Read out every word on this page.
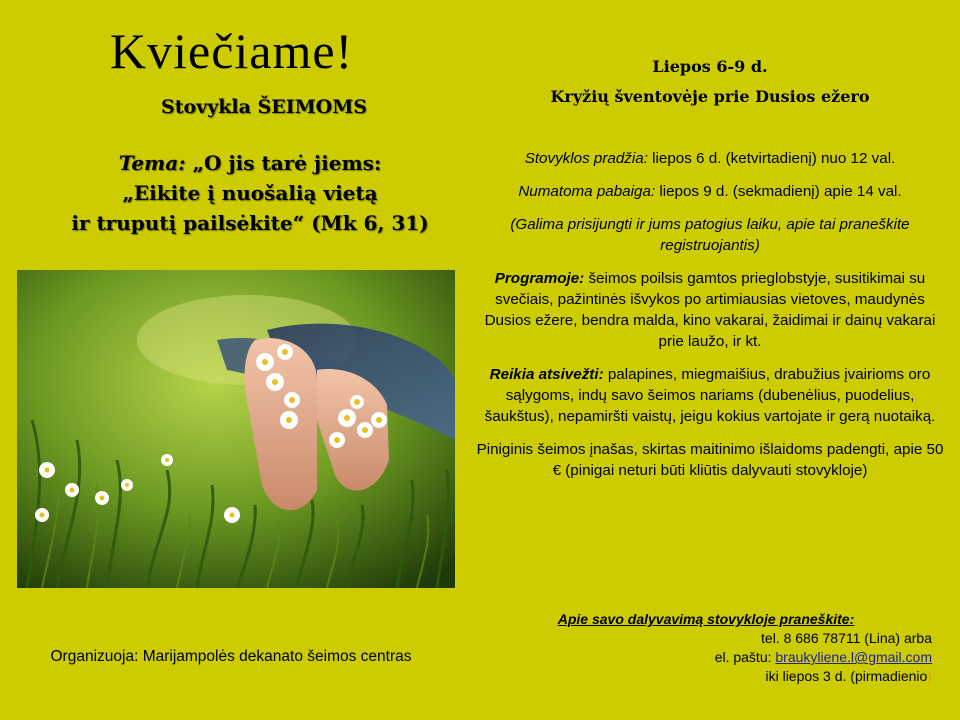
Kviečiame!
Stovykla ŠEIMOMS
Tema: „O jis tarė jiems:
„Eikite į nuošalią vietą
ir truputį pailsėkite“ (Mk 6, 31)
Organizuoja: Marijampolės dekanato šeimos centras
Liepos 6-9 d.
Kryžių šventovėje prie Dusios ežero

Stovyklos pradžia: liepos 6 d. (ketvirtadienį) nuo 12 val.

Numatoma pabaiga: liepos 9 d. (sekmadienį) apie 14 val.

(Galima prisijungti ir jums patogius laiku, apie tai praneškite registruojantis)

Programoje: šeimos poilsis gamtos prieglobstyje, susitikimai su svečiais, pažintinės išvykos po artimiausias vietoves, maudynės Dusios ežere, bendra malda, kino vakarai, žaidimai ir dainų vakarai prie laužo, ir kt.

Reikia atsivežti: palapines, miegmaišius, drabužius įvairioms oro sąlygoms, indų savo šeimos nariams (dubenėlius, puodelius, šaukštus), nepamiršti vaistų, jeigu kokius vartojate ir gerą nuotaiką.

Piniginis šeimos įnašas, skirtas maitinimo išlaidoms padengti, apie 50 € (pinigai neturi būti kliūtis dalyvauti stovykloje)

Apie savo dalyvavimą stovykloje praneškite:
tel. 8 686 78711 (Lina) arba
el. paštu: braukyliene.l@gmail.com
iki liepos 3 d. (pirmadienio)
